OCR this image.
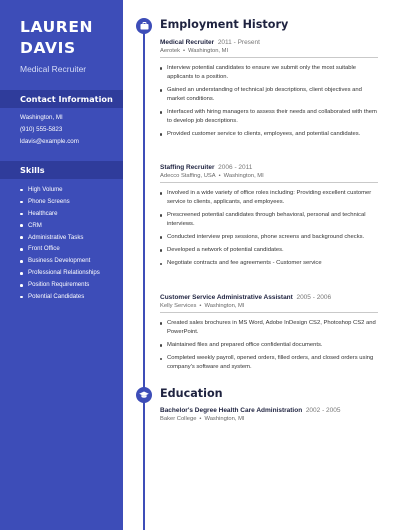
LAUREN
DAVIS
Medical Recruiter
Contact Information
Washington, MI
(910) 555-5823
ldavis@example.com
Skills
High Volume
Phone Screens
Healthcare
CRM
Administrative Tasks
Front Office
Business Development
Professional Relationships
Position Requirements
Potential Candidates
Employment History
Medical Recruiter 2011 - Present
Aerotek • Washington, MI
Interview potential candidates to ensure we submit only the most suitable applicants to a position.
Gained an understanding of technical job descriptions, client objectives and market conditions.
Interfaced with hiring managers to assess their needs and collaborated with them to develop job descriptions.
Provided customer service to clients, employees, and potential candidates.
Staffing Recruiter 2006 - 2011
Adecco Staffing, USA • Washington, MI
Involved in a wide variety of office roles including: Providing excellent customer service to clients, applicants, and employees.
Prescreened potential candidates through behavioral, personal and technical interviews.
Conducted interview prep sessions, phone screens and background checks.
Developed a network of potential candidates.
Negotiate contracts and fee agreements - Customer service
Customer Service Administrative Assistant 2005 - 2006
Kelly Services • Washington, MI
Created sales brochures in MS Word, Adobe InDesign CS2, Photoshop CS2 and PowerPoint.
Maintained files and prepared office confidential documents.
Completed weekly payroll, opened orders, filled orders, and closed orders using company's software and system.
Education
Bachelor's Degree Health Care Administration 2002 - 2005
Baker College • Washington, MI
